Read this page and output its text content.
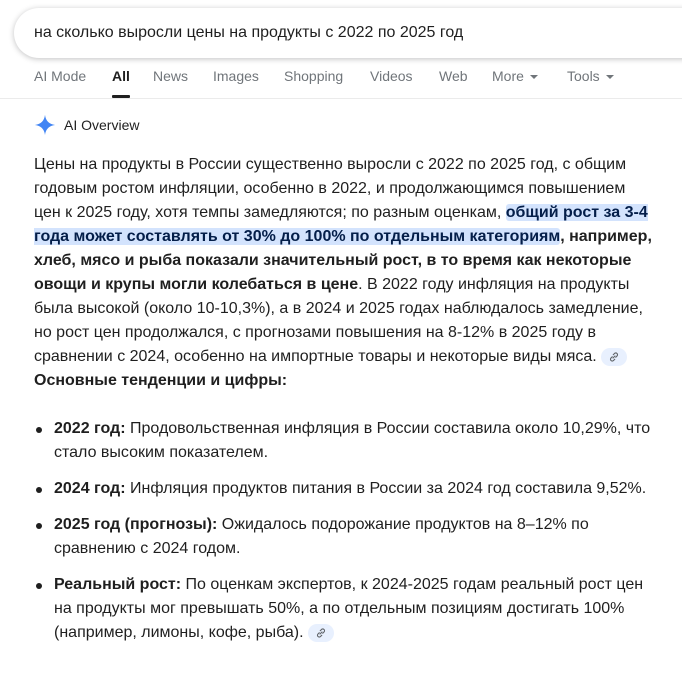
на сколько выросли цены на продукты с 2022 по 2025 год
AI Mode All News Images Shopping Videos Web More	Tools
AI Overview

Цены на продукты в России существенно выросли с 2022 по 2025 год, с общим годовым ростом инфляции, особенно в 2022, и продолжающимся повышением цен к 2025 году, хотя темпы замедляются; по разным оценкам, общий рост за 3-4 года может составлять от 30% до 100% по отдельным категориям, например, хлеб, мясо и рыба показали значительный рост, в то время как некоторые овощи и крупы могли колебаться в цене. В 2022 году инфляция на продукты была высокой (около 10-10,3%), а в 2024 и 2025 годах наблюдалось замедление, но рост цен продолжался, с прогнозами повышения на 8-12% в 2025 году в сравнении с 2024, особенно на импортные товары и некоторые виды мяса.

Основные тенденции и цифры:

2022 год: Продовольственная инфляция в России составила около 10,29%, что стало высоким показателем.
2024 год: Инфляция продуктов питания в России за 2024 год составила 9,52%.
2025 год (прогнозы): Ожидалось подорожание продуктов на 8–12% по сравнению с 2024 годом.
Реальный рост: По оценкам экспертов, к 2024-2025 годам реальный рост цен на продукты мог превышать 50%, а по отдельным позициям достигать 100% (например, лимоны, кофе, рыба).
